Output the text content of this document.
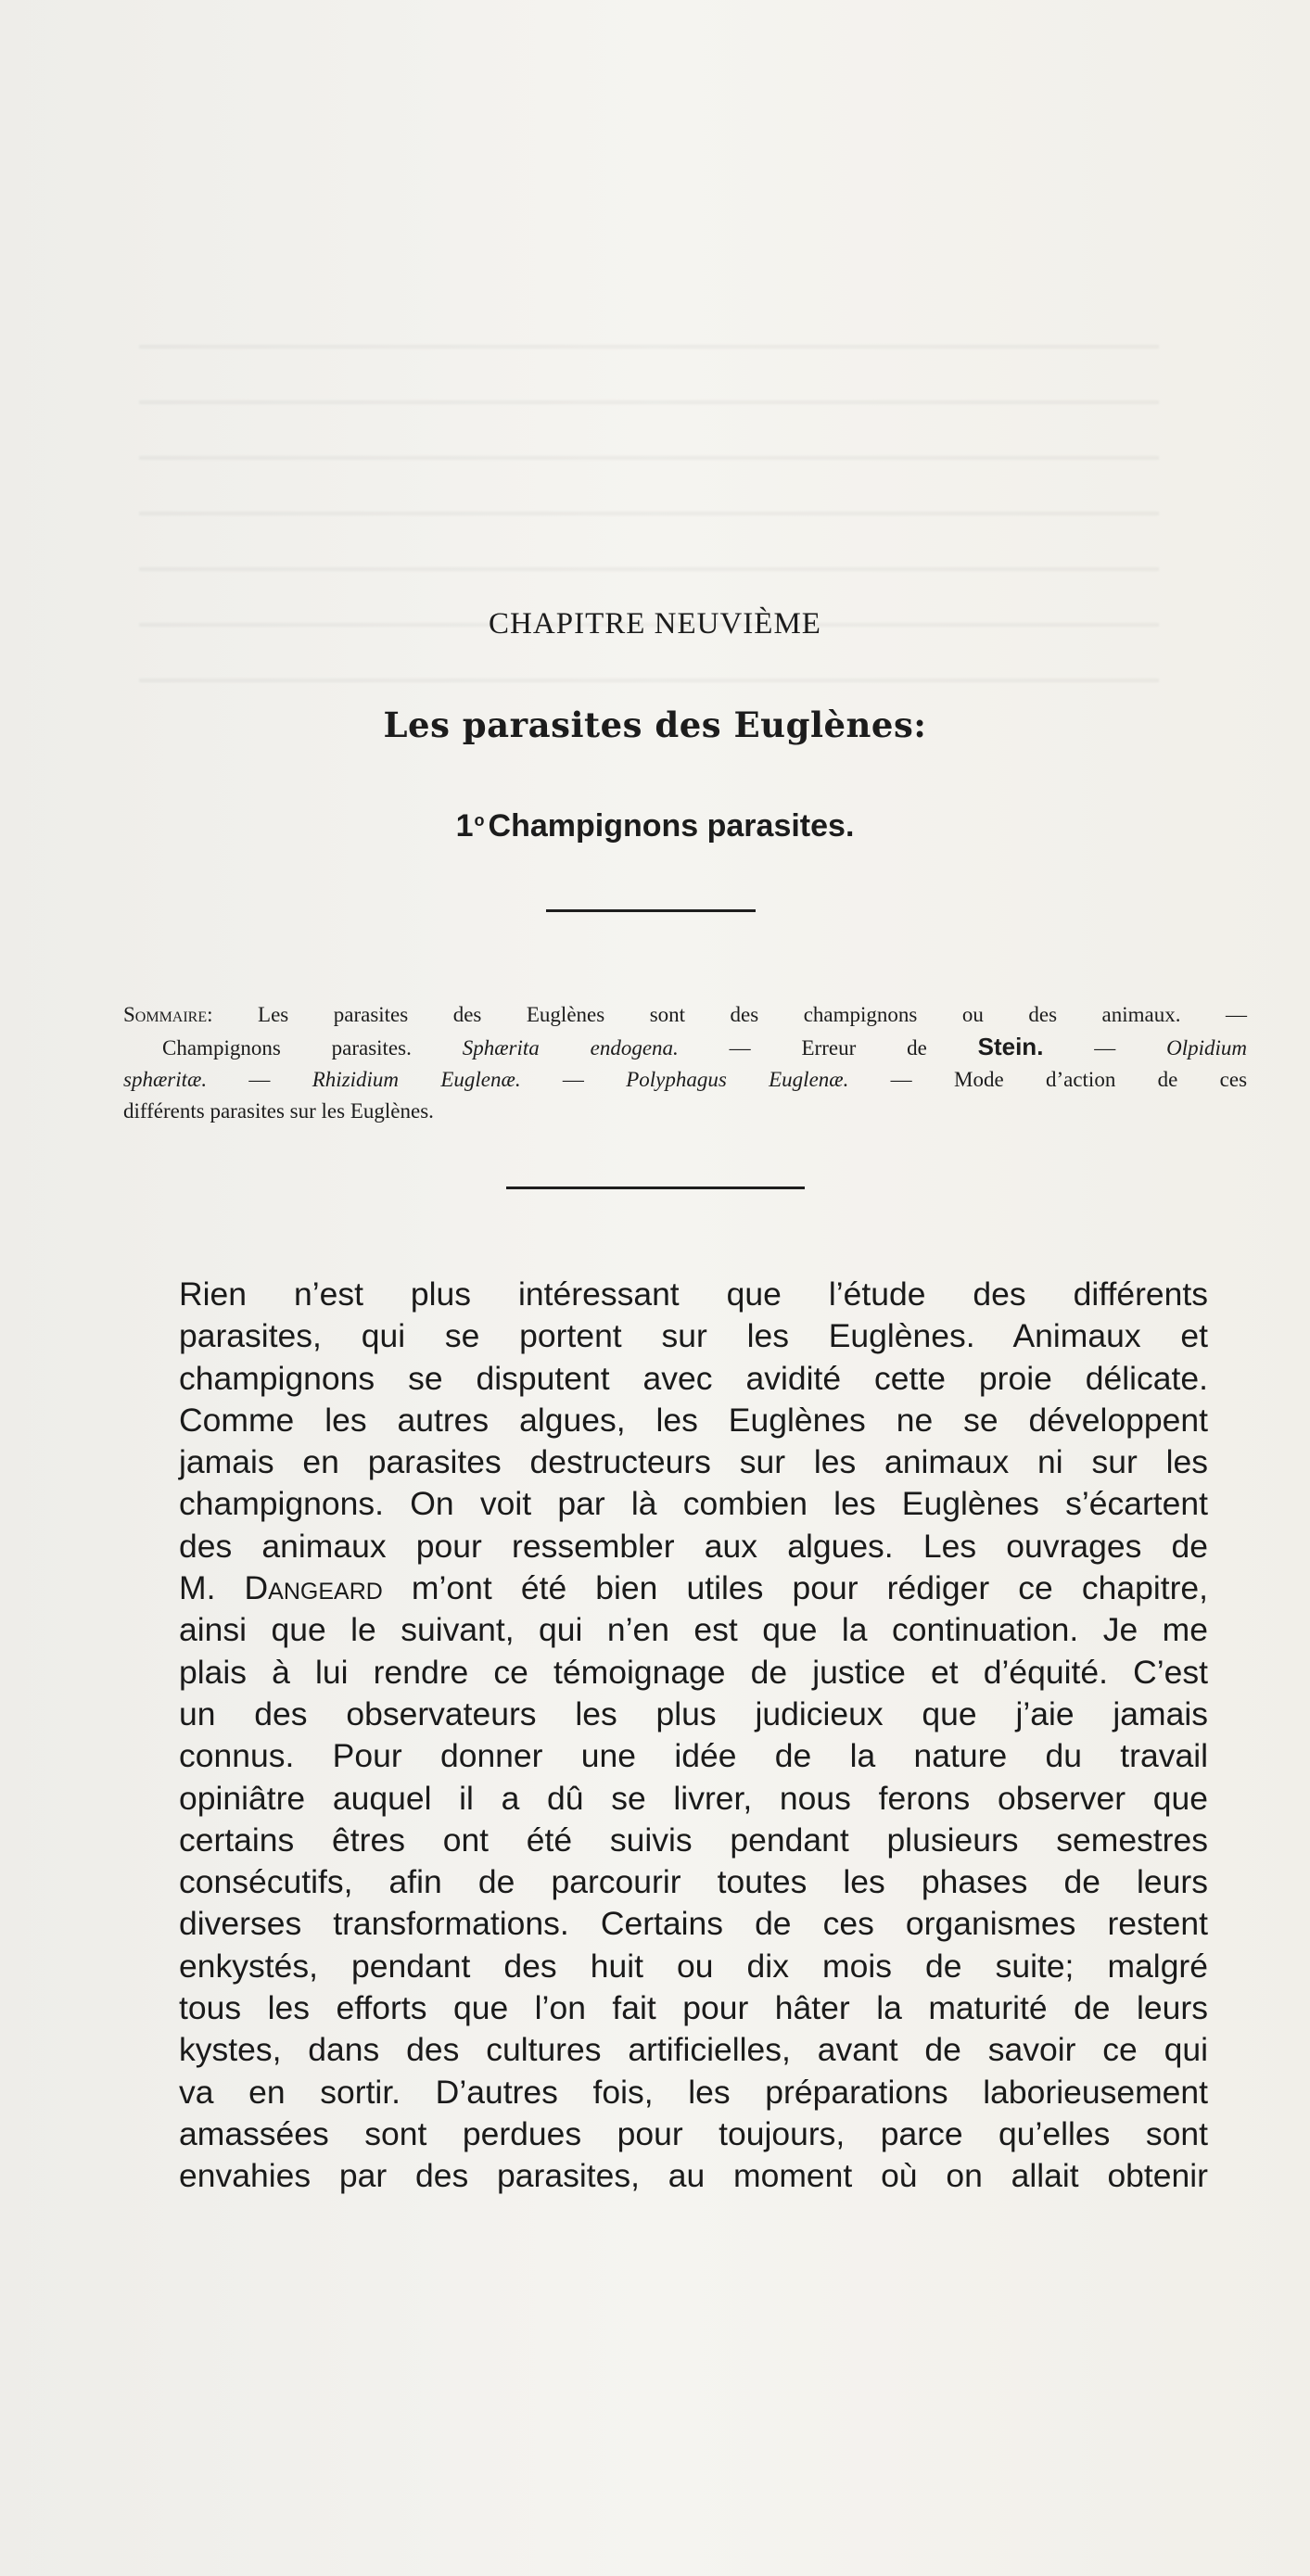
CHAPITRE NEUVIÈME
Les parasites des Euglènes:
1$^o$ Champignons parasites.

Sommaire: Les parasites des Euglènes sont des champignons ou des animaux. —
Champignons parasites. Sphærita endogena. — Erreur de Stein. — Olpidium
sphæritæ. — Rhizidium Euglenæ. — Polyphagus Euglenæ. — Mode d’action de ces
différents parasites sur les Euglènes.

Rien n’est plus intéressant que l’étude des différents
parasites, qui se portent sur les Euglènes. Animaux et
champignons se disputent avec avidité cette proie délicate.
Comme les autres algues, les Euglènes ne se développent
jamais en parasites destructeurs sur les animaux ni sur les
champignons. On voit par là combien les Euglènes s’écartent
des animaux pour ressembler aux algues. Les ouvrages de
M. Dangeard m’ont été bien utiles pour rédiger ce chapitre,
ainsi que le suivant, qui n’en est que la continuation. Je me
plais à lui rendre ce témoignage de justice et d’équité. C’est
un des observateurs les plus judicieux que j’aie jamais
connus. Pour donner une idée de la nature du travail
opiniâtre auquel il a dû se livrer, nous ferons observer que
certains êtres ont été suivis pendant plusieurs semestres
consécutifs, afin de parcourir toutes les phases de leurs
diverses transformations. Certains de ces organismes restent
enkystés, pendant des huit ou dix mois de suite; malgré
tous les efforts que l’on fait pour hâter la maturité de leurs
kystes, dans des cultures artificielles, avant de savoir ce qui
va en sortir. D’autres fois, les préparations laborieusement
amassées sont perdues pour toujours, parce qu’elles sont
envahies par des parasites, au moment où on allait obtenir
